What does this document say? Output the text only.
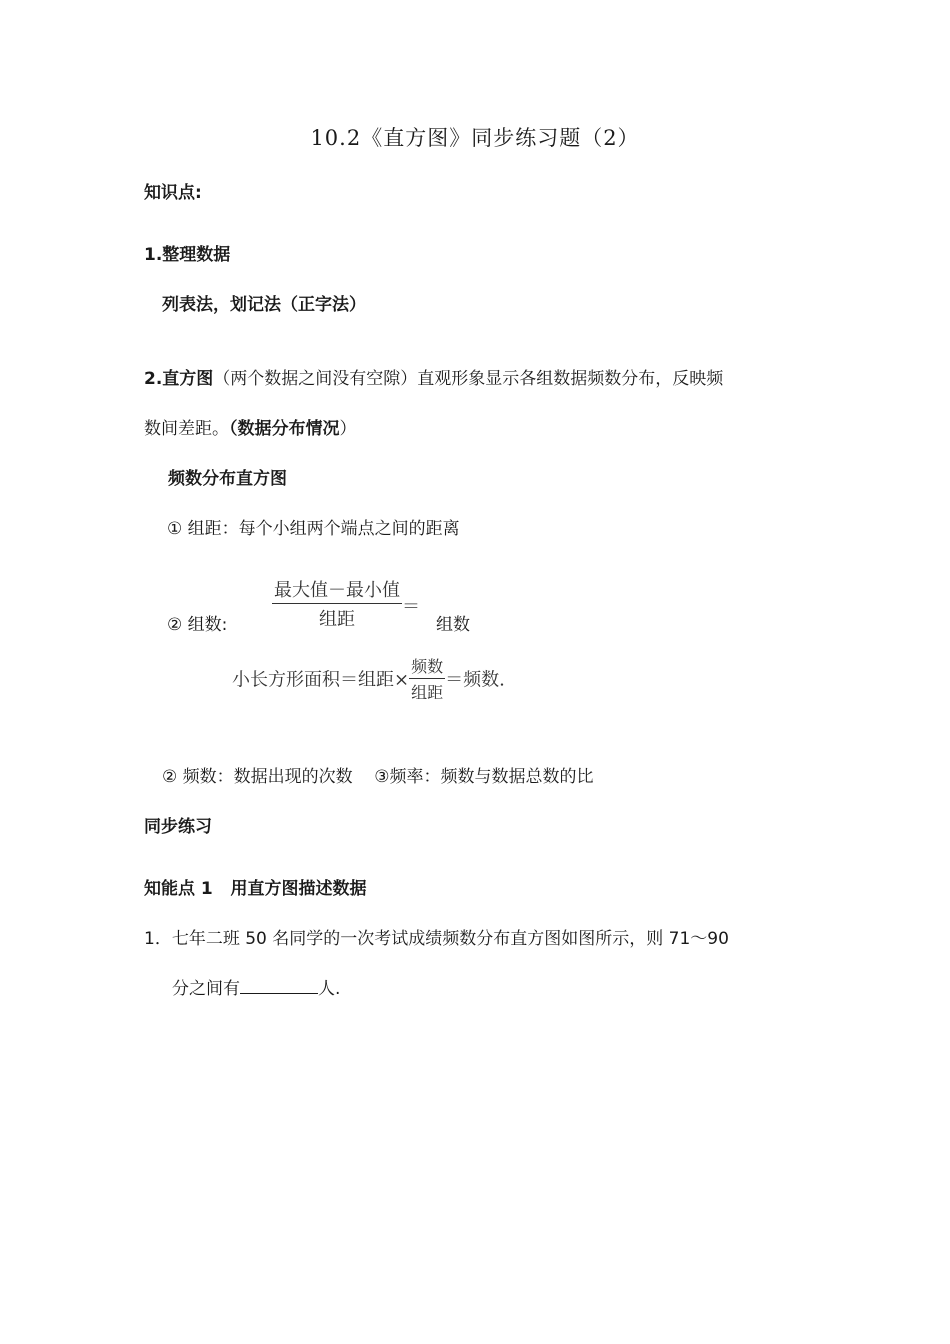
10.2《直方图》同步练习题（2）
知识点:
1.整理数据
列表法，划记法（正字法）
2.直方图（两个数据之间没有空隙）直观形象显示各组数据频数分布，反映频
数间差距。（数据分布情况）
频数分布直方图
① 组距：每个小组两个端点之间的距离
② 组数: $\frac{\text{最大值－最小值}}{\text{组距}}$ ＝
组数
小长方形面积＝组距× $\frac{\text{频数}}{\text{组距}}$ ＝频数.
② 频数：数据出现的次数 ③频率：频数与数据总数的比
同步练习
知能点 1   用直方图描述数据
1．七年二班 50 名同学的一次考试成绩频数分布直方图如图所示，则 71～90
分之间有	人.
